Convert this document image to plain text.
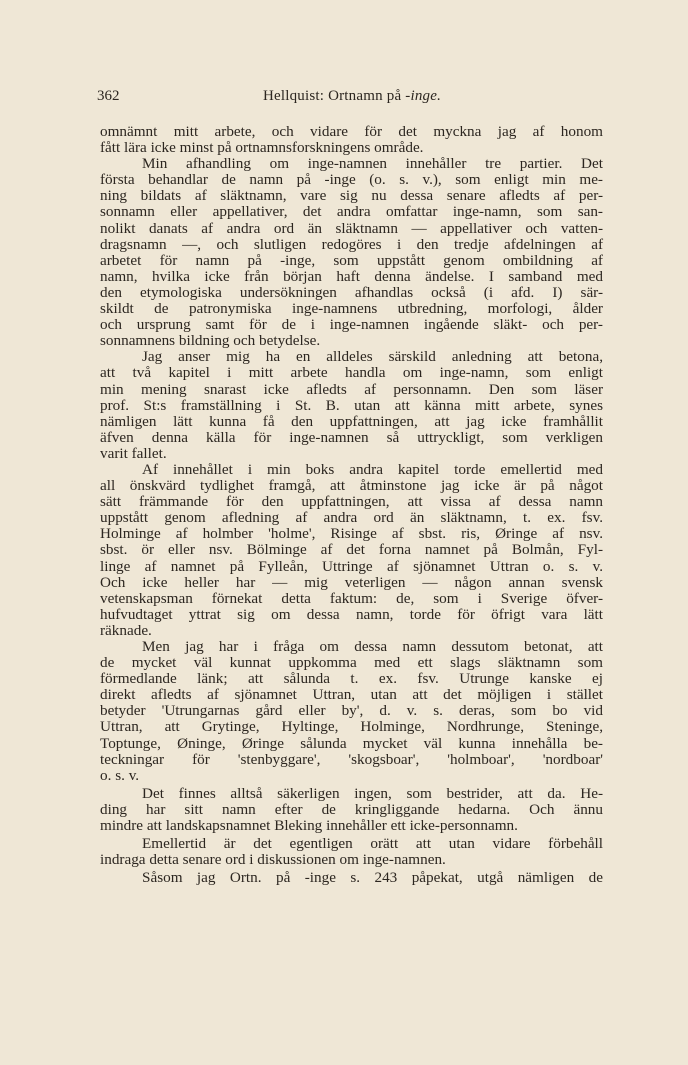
362	Hellquist: Ortnamn på -inge.
omnämnt mitt arbete, och vidare för det myckna jag af honom
fått lära icke minst på ortnamnsforskningens område.
Min afhandling om inge-namnen innehåller tre partier. Det
första behandlar de namn på -inge (o. s. v.), som enligt min me-
ning bildats af släktnamn, vare sig nu dessa senare afledts af per-
sonnamn eller appellativer, det andra omfattar inge-namn, som san-
nolikt danats af andra ord än släktnamn — appellativer och vatten-
dragsnamn —, och slutligen redogöres i den tredje afdelningen af
arbetet för namn på -inge, som uppstått genom ombildning af
namn, hvilka icke från början haft denna ändelse. I samband med
den etymologiska undersökningen afhandlas också (i afd. I) sär-
skildt de patronymiska inge-namnens utbredning, morfologi, ålder
och ursprung samt för de i inge-namnen ingående släkt- och per-
sonnamnens bildning och betydelse.
Jag anser mig ha en alldeles särskild anledning att betona,
att två kapitel i mitt arbete handla om inge-namn, som enligt
min mening snarast icke afledts af personnamn. Den som läser
prof. St:s framställning i St. B. utan att känna mitt arbete, synes
nämligen lätt kunna få den uppfattningen, att jag icke framhållit
äfven denna källa för inge-namnen så uttryckligt, som verkligen
varit fallet.
Af innehållet i min boks andra kapitel torde emellertid med
all önskvärd tydlighet framgå, att åtminstone jag icke är på något
sätt främmande för den uppfattningen, att vissa af dessa namn
uppstått genom afledning af andra ord än släktnamn, t. ex. fsv.
Holminge af holmber 'holme', Risinge af sbst. ris, Øringe af nsv.
sbst. ör eller nsv. Bölminge af det forna namnet på Bolmån, Fyl-
linge af namnet på Fylleån, Uttringe af sjönamnet Uttran o. s. v.
Och icke heller har — mig veterligen — någon annan svensk
vetenskapsman förnekat detta faktum: de, som i Sverige öfver-
hufvudtaget yttrat sig om dessa namn, torde för öfrigt vara lätt
räknade.
Men jag har i fråga om dessa namn dessutom betonat, att
de mycket väl kunnat uppkomma med ett slags släktnamn som
förmedlande länk; att sålunda t. ex. fsv. Utrunge kanske ej
direkt afledts af sjönamnet Uttran, utan att det möjligen i stället
betyder 'Utrungarnas gård eller by', d. v. s. deras, som bo vid
Uttran, att Grytinge, Hyltinge, Holminge, Nordhrunge, Steninge,
Toptunge, Øninge, Øringe sålunda mycket väl kunna innehålla be-
teckningar för 'stenbyggare', 'skogsboar', 'holmboar', 'nordboar'
o. s. v.
Det finnes alltså säkerligen ingen, som bestrider, att da. He-
ding har sitt namn efter de kringliggande hedarna. Och ännu
mindre att landskapsnamnet Bleking innehåller ett icke-personnamn.
Emellertid är det egentligen orätt att utan vidare förbehåll
indraga detta senare ord i diskussionen om inge-namnen.
Såsom jag Ortn. på -inge s. 243 påpekat, utgå nämligen de
